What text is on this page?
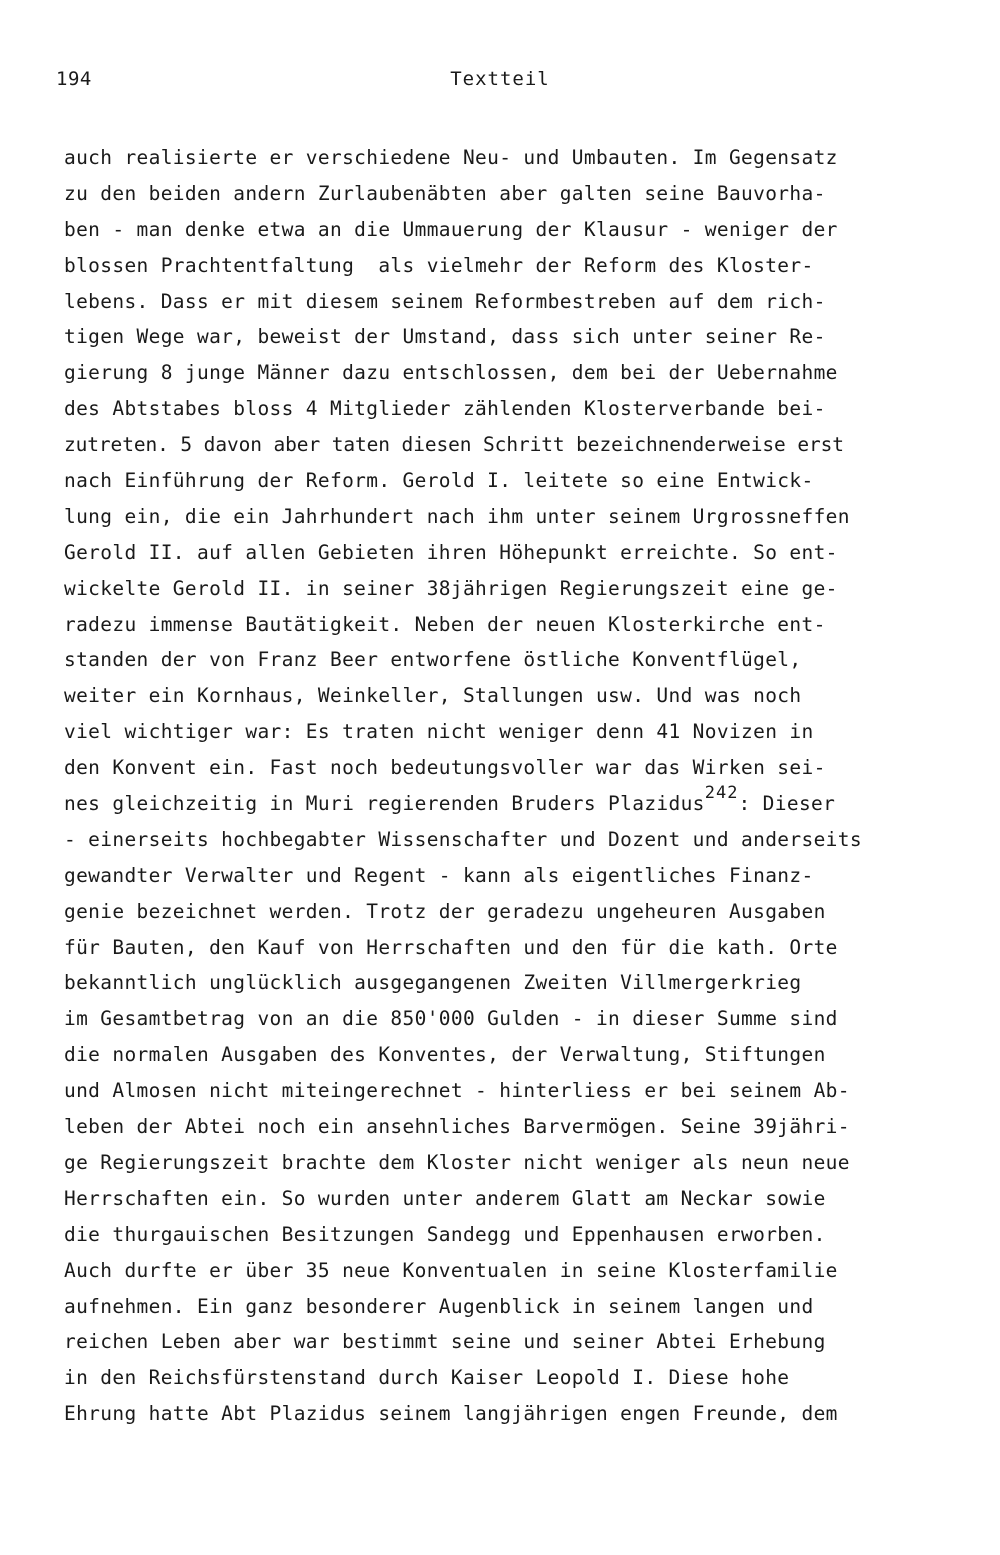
194	Textteil
auch realisierte er verschiedene Neu- und Umbauten. Im Gegensatz
zu den beiden andern Zurlaubenäbten aber galten seine Bauvorha-
ben - man denke etwa an die Ummauerung der Klausur - weniger der
blossen Prachtentfaltung  als vielmehr der Reform des Kloster-
lebens. Dass er mit diesem seinem Reformbestreben auf dem rich-
tigen Wege war, beweist der Umstand, dass sich unter seiner Re-
gierung 8 junge Männer dazu entschlossen, dem bei der Uebernahme
des Abtstabes bloss 4 Mitglieder zählenden Klosterverbande bei-
zutreten. 5 davon aber taten diesen Schritt bezeichnenderweise erst
nach Einführung der Reform. Gerold I. leitete so eine Entwick-
lung ein, die ein Jahrhundert nach ihm unter seinem Urgrossneffen
Gerold II. auf allen Gebieten ihren Höhepunkt erreichte. So ent-
wickelte Gerold II. in seiner 38jährigen Regierungszeit eine ge-
radezu immense Bautätigkeit. Neben der neuen Klosterkirche ent-
standen der von Franz Beer entworfene östliche Konventflügel,
weiter ein Kornhaus, Weinkeller, Stallungen usw. Und was noch
viel wichtiger war: Es traten nicht weniger denn 41 Novizen in
den Konvent ein. Fast noch bedeutungsvoller war das Wirken sei-
nes gleichzeitig in Muri regierenden Bruders Plazidus242: Dieser
- einerseits hochbegabter Wissenschafter und Dozent und anderseits
gewandter Verwalter und Regent - kann als eigentliches Finanz-
genie bezeichnet werden. Trotz der geradezu ungeheuren Ausgaben
für Bauten, den Kauf von Herrschaften und den für die kath. Orte
bekanntlich unglücklich ausgegangenen Zweiten Villmergerkrieg
im Gesamtbetrag von an die 850'000 Gulden - in dieser Summe sind
die normalen Ausgaben des Konventes, der Verwaltung, Stiftungen
und Almosen nicht miteingerechnet - hinterliess er bei seinem Ab-
leben der Abtei noch ein ansehnliches Barvermögen. Seine 39jähri-
ge Regierungszeit brachte dem Kloster nicht weniger als neun neue
Herrschaften ein. So wurden unter anderem Glatt am Neckar sowie
die thurgauischen Besitzungen Sandegg und Eppenhausen erworben.
Auch durfte er über 35 neue Konventualen in seine Klosterfamilie
aufnehmen. Ein ganz besonderer Augenblick in seinem langen und
reichen Leben aber war bestimmt seine und seiner Abtei Erhebung
in den Reichsfürstenstand durch Kaiser Leopold I. Diese hohe
Ehrung hatte Abt Plazidus seinem langjährigen engen Freunde, dem
